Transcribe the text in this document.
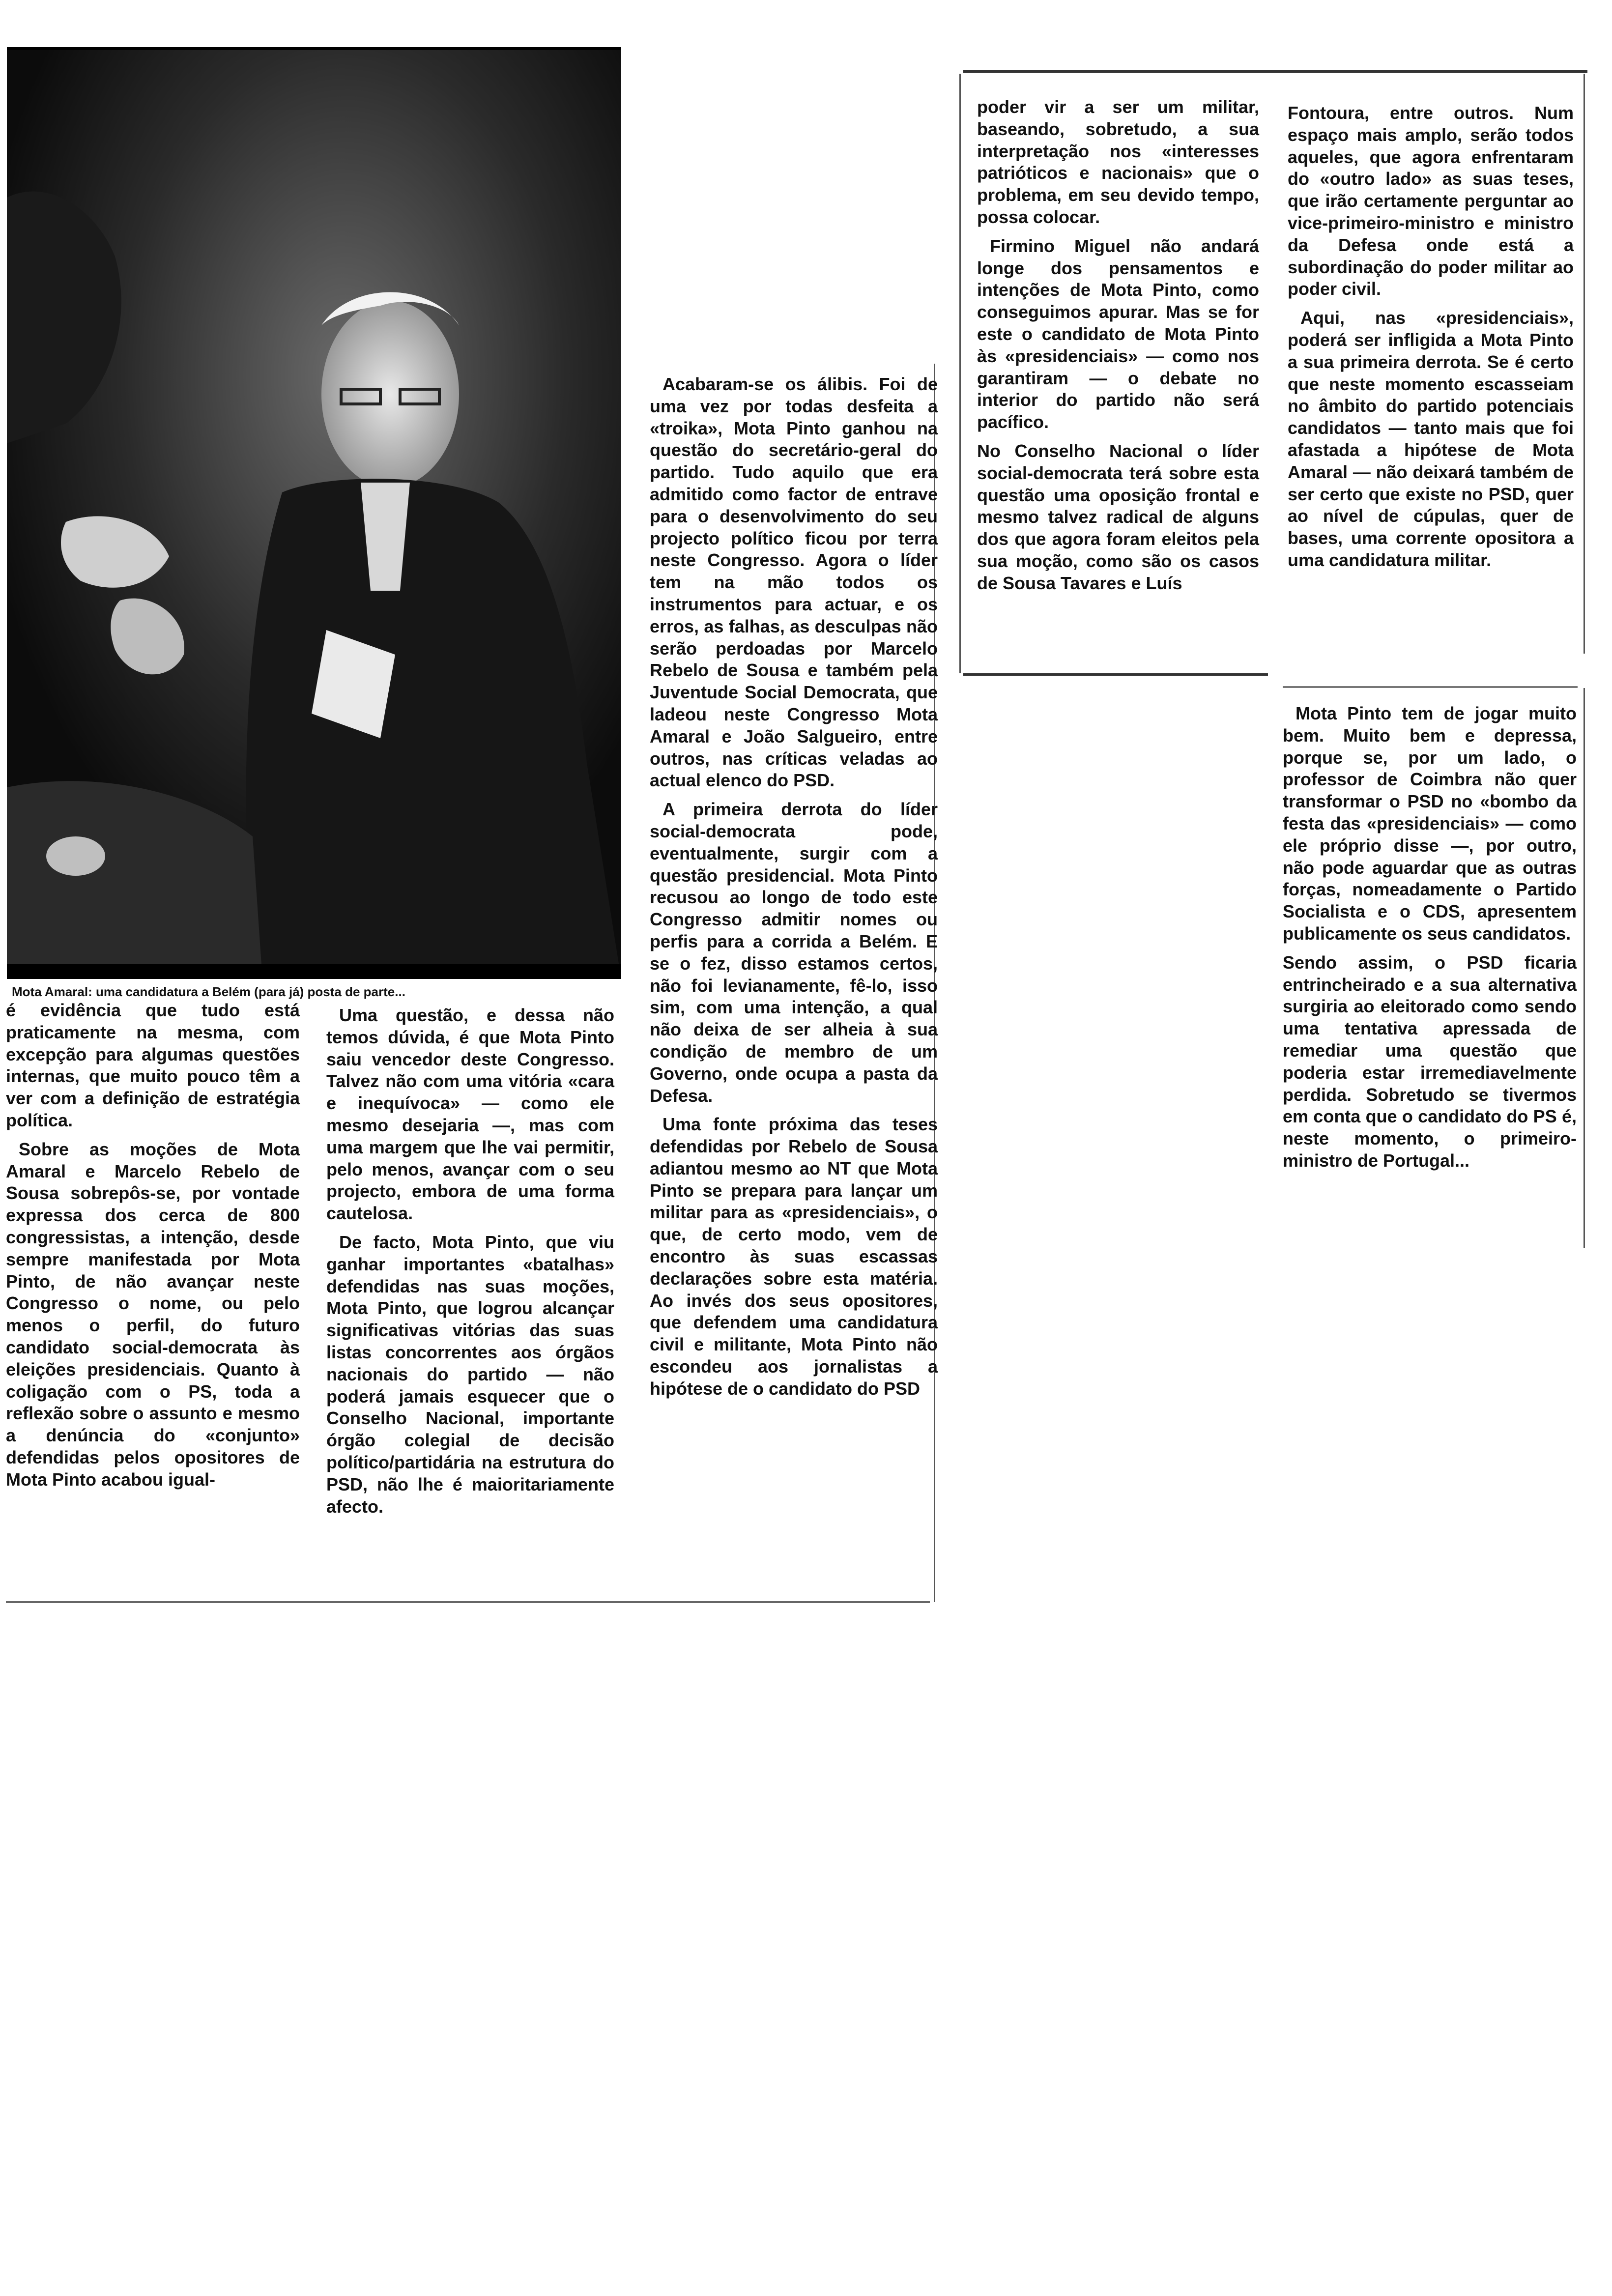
Mota Amaral: uma candidatura a Belém (para já) posta de parte...

é evidência que tudo está praticamente na mesma, com excepção para algumas questões internas, que muito pouco têm a ver com a definição de estratégia política.

Sobre as moções de Mota Amaral e Marcelo Rebelo de Sousa sobrepôs-se, por vontade expressa dos cerca de 800 congressistas, a intenção, desde sempre manifestada por Mota Pinto, de não avançar neste Congresso o nome, ou pelo menos o perfil, do futuro candidato social-democrata às eleições presidenciais. Quanto à coligação com o PS, toda a reflexão sobre o assunto e mesmo a denúncia do «conjunto» defendidas pelos opositores de Mota Pinto acabou igual-

Uma questão, e dessa não temos dúvida, é que Mota Pinto saiu vencedor deste Congresso. Talvez não com uma vitória «cara e inequívoca» — como ele mesmo desejaria —, mas com uma margem que lhe vai permitir, pelo menos, avançar com o seu projecto, embora de uma forma cautelosa.

De facto, Mota Pinto, que viu ganhar importantes «batalhas» defendidas nas suas moções, Mota Pinto, que logrou alcançar significativas vitórias das suas listas concorrentes aos órgãos nacionais do partido — não poderá jamais esquecer que o Conselho Nacional, importante órgão colegial de decisão político/partidária na estrutura do PSD, não lhe é maioritariamente afecto.

Acabaram-se os álibis. Foi de uma vez por todas desfeita a «troika», Mota Pinto ganhou na questão do secretário-geral do partido. Tudo aquilo que era admitido como factor de entrave para o desenvolvimento do seu projecto político ficou por terra neste Congresso. Agora o líder tem na mão todos os instrumentos para actuar, e os erros, as falhas, as desculpas não serão perdoadas por Marcelo Rebelo de Sousa e também pela Juventude Social Democrata, que ladeou neste Congresso Mota Amaral e João Salgueiro, entre outros, nas críticas veladas ao actual elenco do PSD.

A primeira derrota do líder social-democrata pode, eventualmente, surgir com a questão presidencial. Mota Pinto recusou ao longo de todo este Congresso admitir nomes ou perfis para a corrida a Belém. E se o fez, disso estamos certos, não foi levianamente, fê-lo, isso sim, com uma intenção, a qual não deixa de ser alheia à sua condição de membro de um Governo, onde ocupa a pasta da Defesa.

Uma fonte próxima das teses defendidas por Rebelo de Sousa adiantou mesmo ao NT que Mota Pinto se prepara para lançar um militar para as «presidenciais», o que, de certo modo, vem de encontro às suas escassas declarações sobre esta matéria. Ao invés dos seus opositores, que defendem uma candidatura civil e militante, Mota Pinto não escondeu aos jornalistas a hipótese de o candidato do PSD

poder vir a ser um militar, baseando, sobretudo, a sua interpretação nos «interesses patrióticos e nacionais» que o problema, em seu devido tempo, possa colocar.

Firmino Miguel não andará longe dos pensamentos e intenções de Mota Pinto, como conseguimos apurar. Mas se for este o candidato de Mota Pinto às «presidenciais» — como nos garantiram — o debate no interior do partido não será pacífico.

No Conselho Nacional o líder social-democrata terá sobre esta questão uma oposição frontal e mesmo talvez radical de alguns dos que agora foram eleitos pela sua moção, como são os casos de Sousa Tavares e Luís

Fontoura, entre outros. Num espaço mais amplo, serão todos aqueles, que agora enfrentaram do «outro lado» as suas teses, que irão certamente perguntar ao vice-primeiro-ministro e ministro da Defesa onde está a subordinação do poder militar ao poder civil.

Aqui, nas «presidenciais», poderá ser infligida a Mota Pinto a sua primeira derrota. Se é certo que neste momento escasseiam no âmbito do partido potenciais candidatos — tanto mais que foi afastada a hipótese de Mota Amaral — não deixará também de ser certo que existe no PSD, quer ao nível de cúpulas, quer de bases, uma corrente opositora a uma candidatura militar.

Mota Pinto tem de jogar muito bem. Muito bem e depressa, porque se, por um lado, o professor de Coimbra não quer transformar o PSD no «bombo da festa das «presidenciais» — como ele próprio disse —, por outro, não pode aguardar que as outras forças, nomeadamente o Partido Socialista e o CDS, apresentem publicamente os seus candidatos.

Sendo assim, o PSD ficaria entrincheirado e a sua alternativa surgiria ao eleitorado como sendo uma tentativa apressada de remediar uma questão que poderia estar irremediavelmente perdida. Sobretudo se tivermos em conta que o candidato do PS é, neste momento, o primeiro-ministro de Portugal...
